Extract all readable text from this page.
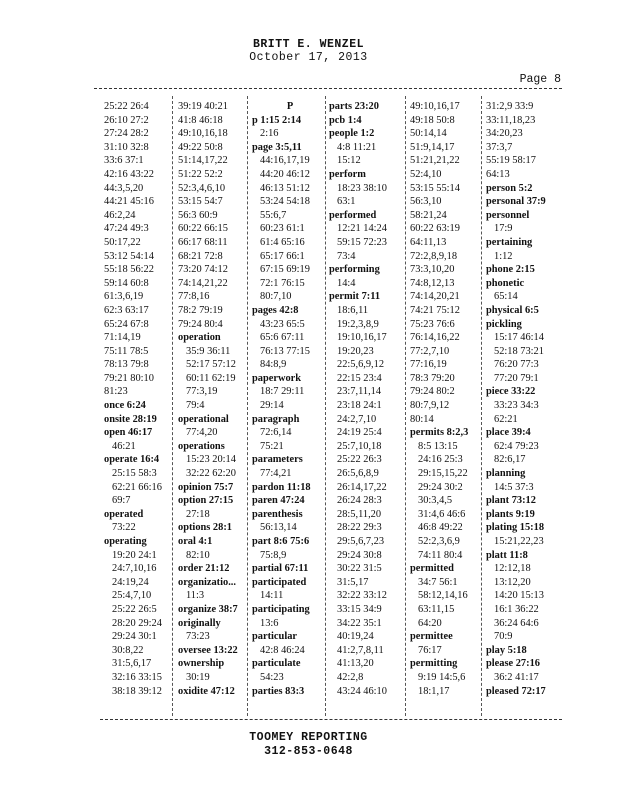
BRITT E. WENZEL
October 17, 2013
Page 8
25:22 26:4
26:10 27:2
27:24 28:2
31:10 32:8
33:6 37:1
42:16 43:22
44:3,5,20
44:21 45:16
46:2,24
47:24 49:3
50:17,22
53:12 54:14
55:18 56:22
59:14 60:8
61:3,6,19
62:3 63:17
65:24 67:8
71:14,19
75:11 78:5
78:13 79:8
79:21 80:10
81:23
once 6:24
onsite 28:19
open 46:17
46:21
operate 16:4
25:15 58:3
62:21 66:16
69:7
operated
73:22
operating
19:20 24:1
24:7,10,16
24:19,24
25:4,7,10
25:22 26:5
28:20 29:24
29:24 30:1
30:8,22
31:5,6,17
32:16 33:15
38:18 39:12
39:19 40:21
41:8 46:18
49:10,16,18
49:22 50:8
51:14,17,22
51:22 52:2
52:3,4,6,10
53:15 54:7
56:3 60:9
60:22 66:15
66:17 68:11
68:21 72:8
73:20 74:12
74:14,21,22
77:8,16
78:2 79:19
79:24 80:4
operation
35:9 36:11
52:17 57:12
60:11 62:19
77:3,19
79:4
operational
77:4,20
operations
15:23 20:14
32:22 62:20
opinion 75:7
option 27:15
27:18
options 28:1
oral 4:1
82:10
order 21:12
organizatio...
11:3
organize 38:7
originally
73:23
oversee 13:22
ownership
30:19
oxidite 47:12
P
p 1:15 2:14
2:16
page 3:5,11
44:16,17,19
44:20 46:12
46:13 51:12
53:24 54:18
55:6,7
60:23 61:1
61:4 65:16
65:17 66:1
67:15 69:19
72:1 76:15
80:7,10
pages 42:8
43:23 65:5
65:6 67:11
76:13 77:15
84:8,9
paperwork
18:7 29:11
29:14
paragraph
72:6,14
75:21
parameters
77:4,21
pardon 11:18
paren 47:24
parenthesis
56:13,14
part 8:6 75:6
75:8,9
partial 67:11
participated
14:11
participating
13:6
particular
42:8 46:24
particulate
54:23
parties 83:3
parts 23:20
pcb 1:4
people 1:2
4:8 11:21
15:12
perform
18:23 38:10
63:1
performed
12:21 14:24
59:15 72:23
73:4
performing
14:4
permit 7:11
18:6,11
19:2,3,8,9
19:10,16,17
19:20,23
22:5,6,9,12
22:15 23:4
23:7,11,14
23:18 24:1
24:2,7,10
24:19 25:4
25:7,10,18
25:22 26:3
26:5,6,8,9
26:14,17,22
26:24 28:3
28:5,11,20
28:22 29:3
29:5,6,7,23
29:24 30:8
30:22 31:5
31:5,17
32:22 33:12
33:15 34:9
34:22 35:1
40:19,24
41:2,7,8,11
41:13,20
42:2,8
43:24 46:10
49:10,16,17
49:18 50:8
50:14,14
51:9,14,17
51:21,21,22
52:4,10
53:15 55:14
56:3,10
58:21,24
60:22 63:19
64:11,13
72:2,8,9,18
73:3,10,20
74:8,12,13
74:14,20,21
74:21 75:12
75:23 76:6
76:14,16,22
77:2,7,10
77:16,19
78:3 79:20
79:24 80:2
80:7,9,12
80:14
permits 8:2,3
8:5 13:15
24:16 25:3
29:15,15,22
29:24 30:2
30:3,4,5
31:4,6 46:6
46:8 49:22
52:2,3,6,9
74:11 80:4
permitted
34:7 56:1
58:12,14,16
63:11,15
64:20
permittee
76:17
permitting
9:19 14:5,6
18:1,17
31:2,9 33:9
33:11,18,23
34:20,23
37:3,7
55:19 58:17
64:13
person 5:2
personal 37:9
personnel
17:9
pertaining
1:12
phone 2:15
phonetic
65:14
physical 6:5
pickling
15:17 46:14
52:18 73:21
76:20 77:3
77:20 79:1
piece 33:22
33:23 34:3
62:21
place 39:4
62:4 79:23
82:6,17
planning
14:5 37:3
plant 73:12
plants 9:19
plating 15:18
15:21,22,23
platt 11:8
12:12,18
13:12,20
14:20 15:13
16:1 36:22
36:24 64:6
70:9
play 5:18
please 27:16
36:2 41:17
pleased 72:17
TOOMEY REPORTING
312-853-0648
